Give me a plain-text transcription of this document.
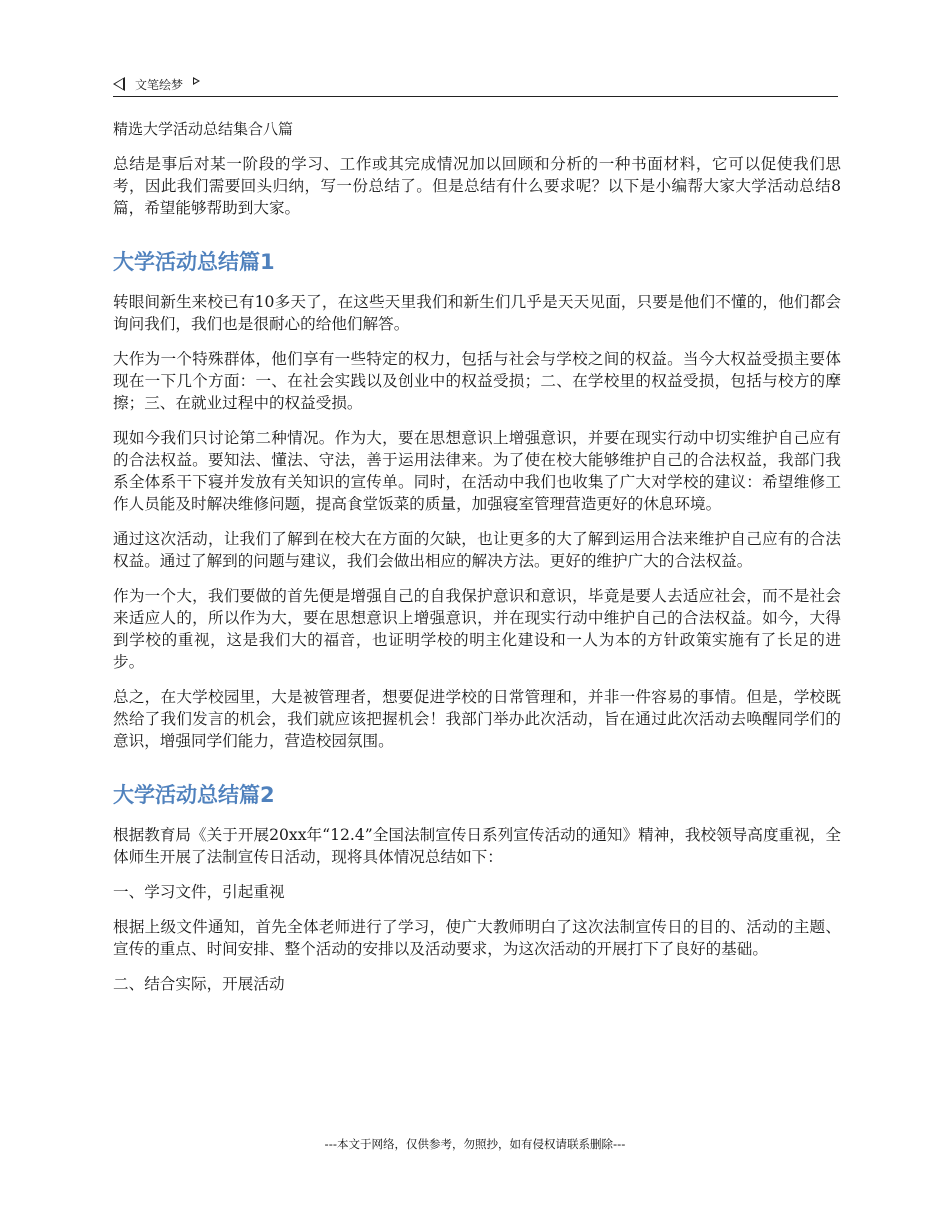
文笔绘梦
精选大学活动总结集合八篇

总结是事后对某一阶段的学习、工作或其完成情况加以回顾和分析的一种书面材料，它可以促使我们思考，因此我们需要回头归纳，写一份总结了。但是总结有什么要求呢？以下是小编帮大家大学活动总结8篇，希望能够帮助到大家。

大学活动总结篇1

转眼间新生来校已有10多天了，在这些天里我们和新生们几乎是天天见面，只要是他们不懂的，他们都会询问我们，我们也是很耐心的给他们解答。

大作为一个特殊群体，他们享有一些特定的权力，包括与社会与学校之间的权益。当今大权益受损主要体现在一下几个方面：一、在社会实践以及创业中的权益受损；二、在学校里的权益受损，包括与校方的摩擦；三、在就业过程中的权益受损。

现如今我们只讨论第二种情况。作为大，要在思想意识上增强意识，并要在现实行动中切实维护自己应有的合法权益。要知法、懂法、守法，善于运用法律来。为了使在校大能够维护自己的合法权益，我部门我系全体系干下寝并发放有关知识的宣传单。同时，在活动中我们也收集了广大对学校的建议：希望维修工作人员能及时解决维修问题，提高食堂饭菜的质量，加强寝室管理营造更好的休息环境。

通过这次活动，让我们了解到在校大在方面的欠缺，也让更多的大了解到运用合法来维护自己应有的合法权益。通过了解到的问题与建议，我们会做出相应的解决方法。更好的维护广大的合法权益。

作为一个大，我们要做的首先便是增强自己的自我保护意识和意识，毕竟是要人去适应社会，而不是社会来适应人的，所以作为大，要在思想意识上增强意识，并在现实行动中维护自己的合法权益。如今，大得到学校的重视，这是我们大的福音，也证明学校的明主化建设和一人为本的方针政策实施有了长足的进步。

总之，在大学校园里，大是被管理者，想要促进学校的日常管理和，并非一件容易的事情。但是，学校既然给了我们发言的机会，我们就应该把握机会！我部门举办此次活动，旨在通过此次活动去唤醒同学们的意识，增强同学们能力，营造校园氛围。

大学活动总结篇2

根据教育局《关于开展20xx年“12.4”全国法制宣传日系列宣传活动的通知》精神，我校领导高度重视，全体师生开展了法制宣传日活动，现将具体情况总结如下：

一、学习文件，引起重视

根据上级文件通知，首先全体老师进行了学习，使广大教师明白了这次法制宣传日的目的、活动的主题、宣传的重点、时间安排、整个活动的安排以及活动要求，为这次活动的开展打下了良好的基础。

二、结合实际，开展活动

---本文于网络，仅供参考，勿照抄，如有侵权请联系删除---
